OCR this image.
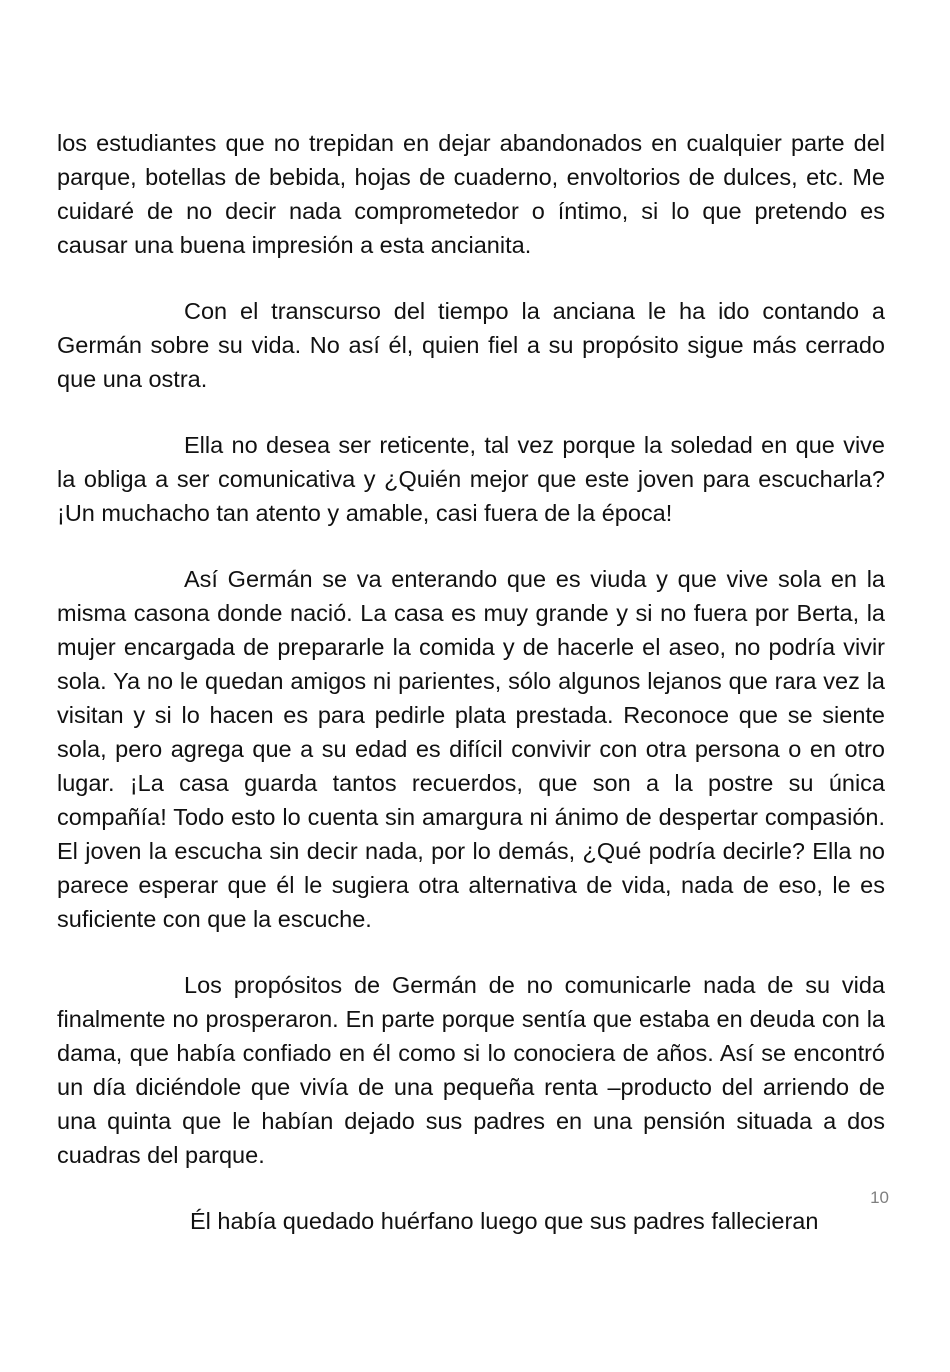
los estudiantes que no trepidan en dejar abandonados en cualquier parte del parque, botellas de bebida, hojas de cuaderno, envoltorios de dulces, etc. Me cuidaré de no decir nada comprometedor o íntimo, si lo que pretendo es causar una buena impresión a esta ancianita.

Con el transcurso del tiempo la anciana le ha ido contando a Germán sobre su vida. No así él, quien fiel a su propósito sigue más cerrado que una ostra.

Ella no desea ser reticente, tal vez porque la soledad en que vive la obliga a ser comunicativa y ¿Quién mejor que este joven para escucharla? ¡Un muchacho tan atento y amable, casi fuera de la época!

Así Germán se va enterando que es viuda y que vive sola en la misma casona donde nació. La casa es muy grande y si no fuera por Berta, la mujer encargada de prepararle la comida y de hacerle el aseo, no podría vivir sola. Ya no le quedan amigos ni parientes, sólo algunos lejanos que rara vez la visitan y si lo hacen es para pedirle plata prestada. Reconoce que se siente sola, pero agrega que a su edad es difícil convivir con otra persona o en otro lugar. ¡La casa guarda tantos recuerdos, que son a la postre su única compañía! Todo esto lo cuenta sin amargura ni ánimo de despertar compasión. El joven la escucha sin decir nada, por lo demás, ¿Qué podría decirle? Ella no parece esperar que él le sugiera otra alternativa de vida, nada de eso, le es suficiente con que la escuche.

Los propósitos de Germán de no comunicarle nada de su vida finalmente no prosperaron. En parte porque sentía que estaba en deuda con la dama, que había confiado en él como si lo conociera de años. Así se encontró un día diciéndole que vivía de una pequeña renta –producto del arriendo de una quinta que le habían dejado sus padres en una pensión situada a dos cuadras del parque.

Él había quedado huérfano luego que sus padres fallecieran

10
